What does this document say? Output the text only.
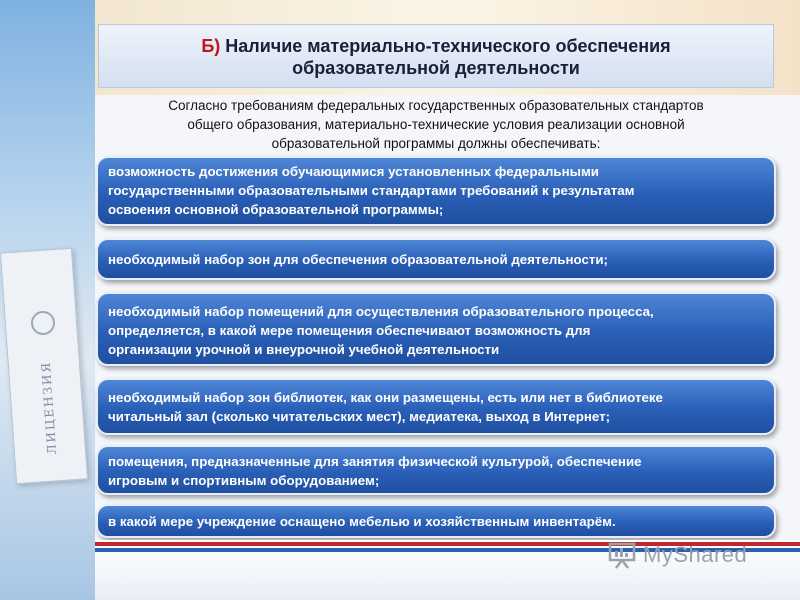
ЛИЦЕНЗИЯ
Б) Наличие материально-технического обеспечения
образовательной деятельности
Согласно требованиям федеральных государственных образовательных стандартов
общего образования, материально-технические условия реализации основной
образовательной программы должны обеспечивать:
возможность достижения обучающимися установленных федеральными
государственными образовательными стандартами требований к результатам
освоения основной образовательной программы;
необходимый набор зон для обеспечения образовательной деятельности;
необходимый набор помещений для осуществления образовательного процесса,
определяется, в какой мере помещения обеспечивают возможность для
организации урочной и внеурочной учебной деятельности
необходимый набор зон библиотек, как они размещены, есть или нет в библиотеке
читальный зал (сколько читательских мест), медиатека, выход в Интернет;
помещения, предназначенные для занятия физической культурой, обеспечение
игровым и спортивным оборудованием;
в какой мере учреждение оснащено мебелью и хозяйственным инвентарём.
MyShared
